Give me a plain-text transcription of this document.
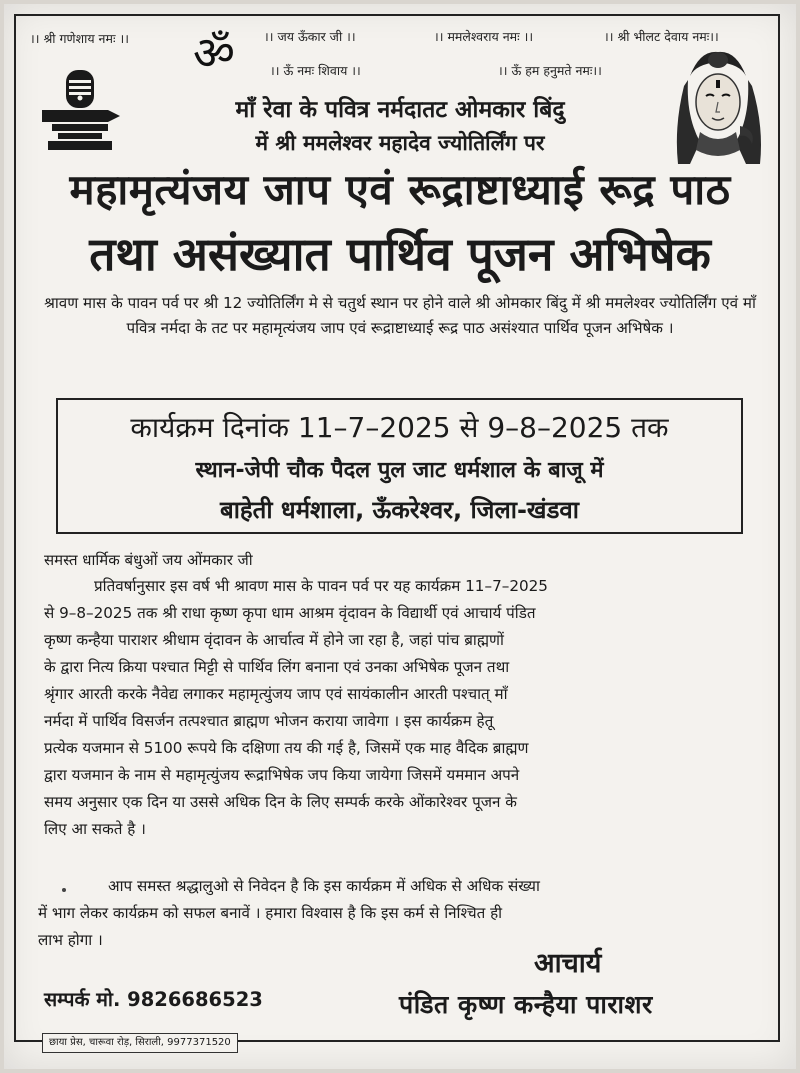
।। श्री गणेशाय नमः ।।	।। जय ऊँकार जी ।।	।। ममलेश्वराय नमः ।।	।। श्री भीलट देवाय नमः।।
।। ऊँ नमः शिवाय ।।	।। ऊँ हम हनुमते नमः।।
ॐ
माँ रेवा के पवित्र नर्मदातट ओमकार बिंदु
में श्री ममलेश्वर महादेव ज्योतिर्लिंग पर
महामृत्यंजय जाप एवं रूद्राष्टाध्याई रूद्र पाठ
तथा असंख्यात पार्थिव पूजन अभिषेक
श्रावण मास के पावन पर्व पर श्री 12 ज्योतिर्लिंग मे से चतुर्थ स्थान पर होने वाले श्री ओमकार बिंदु में श्री ममलेश्वर ज्योतिर्लिंग एवं माँ पवित्र नर्मदा के तट पर महामृत्यंजय जाप एवं रूद्राष्टाध्याई रूद्र पाठ असंश्यात पार्थिव पूजन अभिषेक ।
कार्यक्रम दिनांक 11–7–2025 से 9–8–2025 तक
स्थान-जेपी चौक पैदल पुल जाट धर्मशाल के बाजू में
बाहेती धर्मशाला, ऊँकरेश्वर, जिला-खंडवा
समस्त धार्मिक बंधुओं जय ओंमकार जी
प्रतिवर्षानुसार इस वर्ष भी श्रावण मास के पावन पर्व पर यह कार्यक्रम 11–7–2025
से 9–8–2025 तक श्री राधा कृष्ण कृपा धाम आश्रम वृंदावन के विद्यार्थी एवं आचार्य पंडित
कृष्ण कन्हैया पाराशर श्रीधाम वृंदावन के आर्चात्व में होने जा रहा है, जहां पांच ब्राह्मणों
के द्वारा नित्य क्रिया पश्चात मिट्टी से पार्थिव लिंग बनाना एवं उनका अभिषेक पूजन तथा
श्रृंगार आरती करके नैवेद्य लगाकर महामृत्युंजय जाप एवं सायंकालीन आरती पश्चात् माँ
नर्मदा में पार्थिव विसर्जन तत्पश्चात ब्राह्मण भोजन कराया जावेगा । इस कार्यक्रम हेतू
प्रत्येक यजमान से 5100 रूपये कि दक्षिणा तय की गई है, जिसमें एक माह वैदिक ब्राह्मण
द्वारा यजमान के नाम से महामृत्युंजय रूद्राभिषेक जप किया जायेगा जिसमें यममान अपने
समय अनुसार एक दिन या उससे अधिक दिन के लिए सम्पर्क करके ओंकारेश्वर पूजन के
लिए आ सकते है ।
आप समस्त श्रद्धालुओ से निवेदन है कि इस कार्यक्रम में अधिक से अधिक संख्या
में भाग लेकर कार्यक्रम को सफल बनावें । हमारा विश्वास है कि इस कर्म से निश्चित ही
लाभ होगा ।
आचार्य
सम्पर्क मो. 9826686523	पंडित कृष्ण कन्हैया पाराशर
छाया प्रेस, चारूवा रोड़, सिराली, 9977371520
